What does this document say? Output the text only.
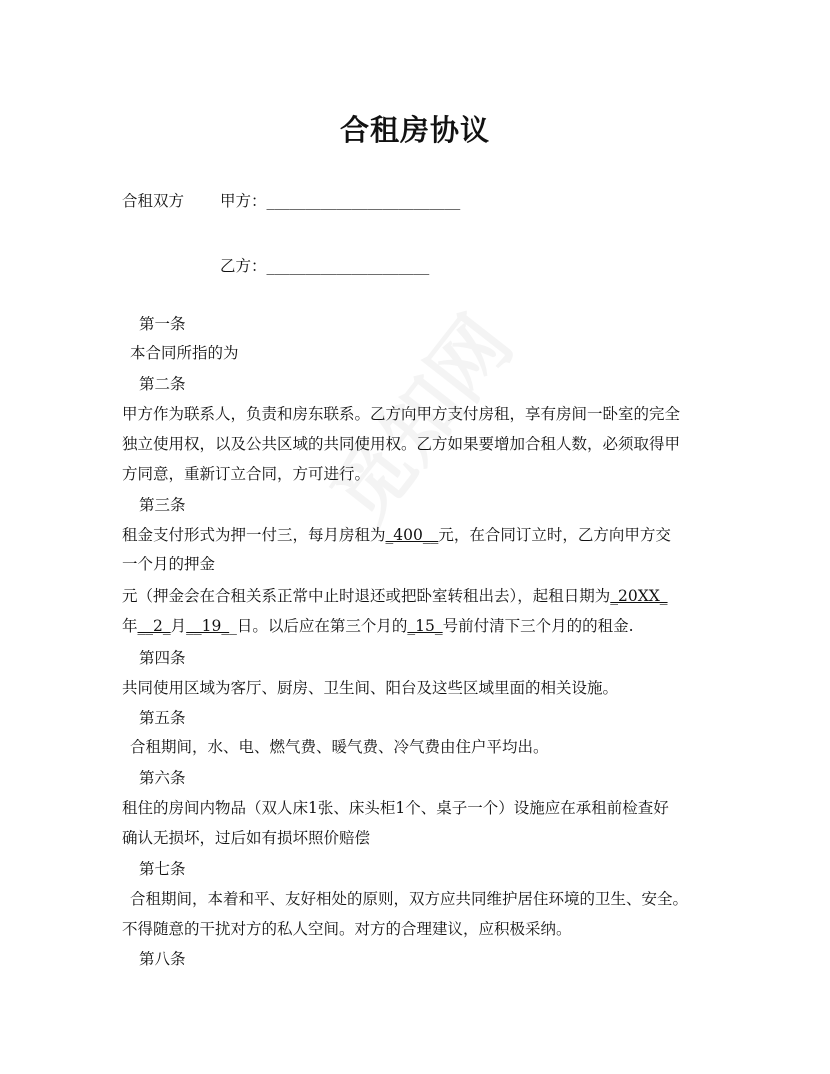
合租房协议
合租双方 甲方：_________________________
乙方：_____________________
第一条
本合同所指的为
第二条
甲方作为联系人，负责和房东联系。乙方向甲方支付房租，享有房间一卧室的完全
独立使用权，以及公共区域的共同使用权。乙方如果要增加合租人数，必须取得甲
方同意，重新订立合同，方可进行。
第三条
租金支付形式为押一付三，每月房租为_400__元，在合同订立时，乙方向甲方交
一个月的押金
元（押金会在合租关系正常中止时退还或把卧室转租出去），起租日期为_20XX_
年__2_月__19__日。以后应在第三个月的_15_号前付清下三个月的的租金.
第四条
共同使用区域为客厅、厨房、卫生间、阳台及这些区域里面的相关设施。
第五条
合租期间，水、电、燃气费、暖气费、冷气费由住户平均出。
第六条
租住的房间内物品（双人床1张、床头柜1个、桌子一个）设施应在承租前检查好
确认无损坏，过后如有损坏照价赔偿
第七条
合租期间，本着和平、友好相处的原则，双方应共同维护居住环境的卫生、安全。
不得随意的干扰对方的私人空间。对方的合理建议，应积极采纳。
第八条
